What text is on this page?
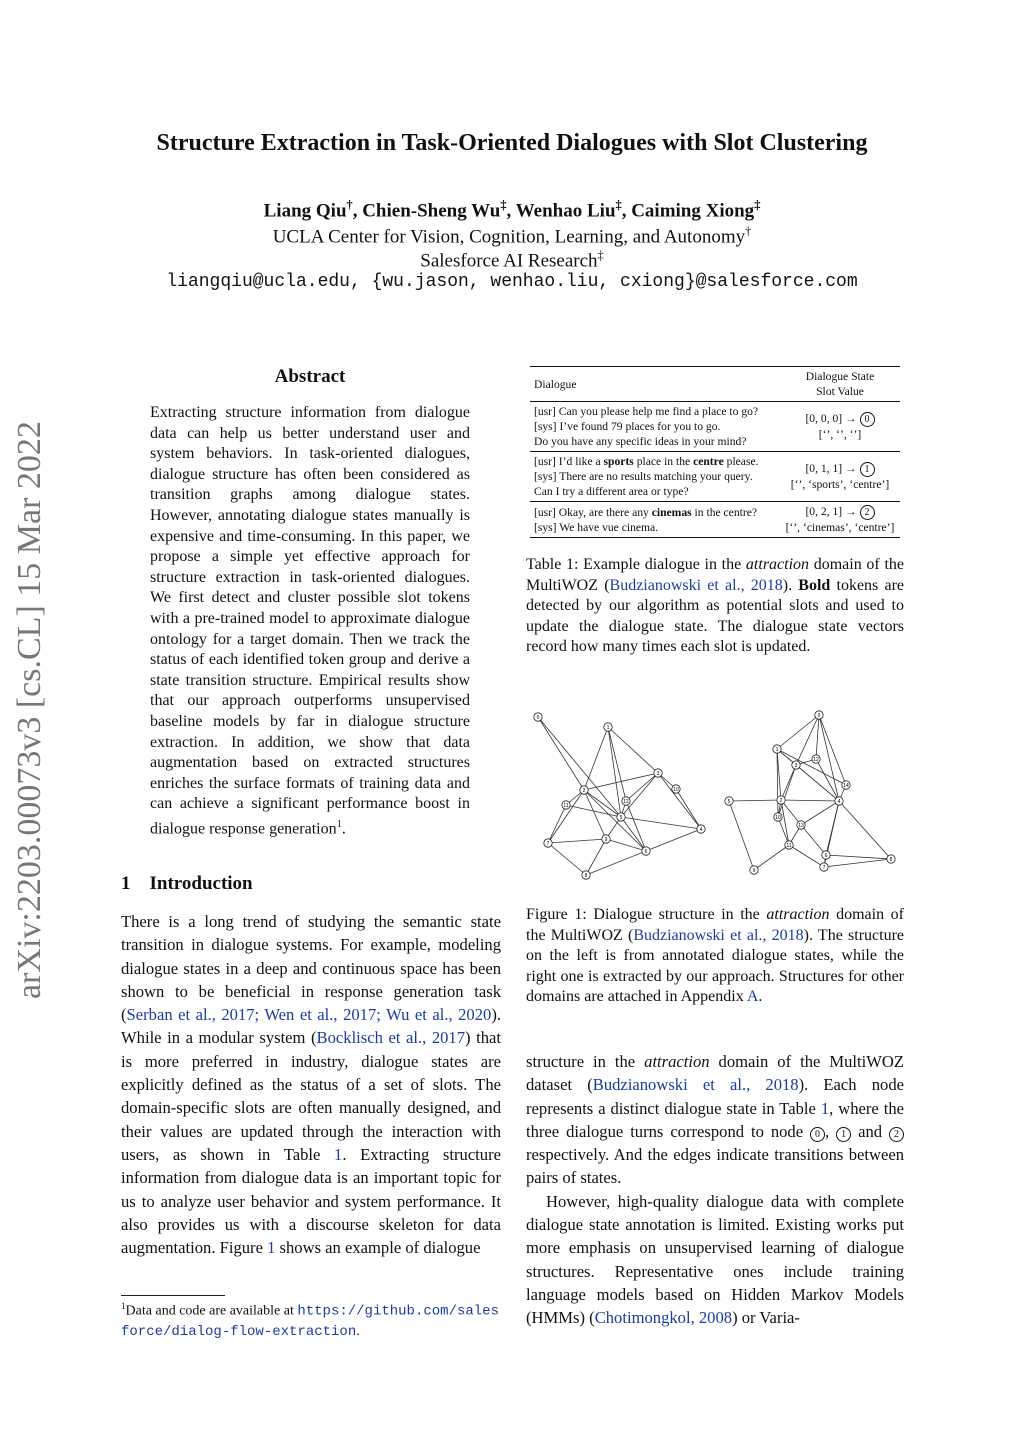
Structure Extraction in Task-Oriented Dialogues with Slot Clustering
Liang Qiu†, Chien-Sheng Wu‡, Wenhao Liu‡, Caiming Xiong‡
UCLA Center for Vision, Cognition, Learning, and Autonomy†
Salesforce AI Research‡
liangqiu@ucla.edu, {wu.jason, wenhao.liu, cxiong}@salesforce.com
arXiv:2203.00073v3 [cs.CL] 15 Mar 2022
Abstract
Extracting structure information from dialogue data can help us better understand user and system behaviors. In task-oriented dialogues, dialogue structure has often been considered as transition graphs among dialogue states. However, annotating dialogue states manually is expensive and time-consuming. In this paper, we propose a simple yet effective approach for structure extraction in task-oriented dialogues. We first detect and cluster possible slot tokens with a pre-trained model to approximate dialogue ontology for a target domain. Then we track the status of each identified token group and derive a state transition structure. Empirical results show that our approach outperforms unsupervised baseline models by far in dialogue structure extraction. In addition, we show that data augmentation based on extracted structures enriches the surface formats of training data and can achieve a significant performance boost in dialogue response generation$^1$.
1 Introduction
There is a long trend of studying the semantic state transition in dialogue systems. For example, modeling dialogue states in a deep and continuous space has been shown to be beneficial in response generation task (Serban et al., 2017; Wen et al., 2017; Wu et al., 2020). While in a modular system (Bocklisch et al., 2017) that is more preferred in industry, dialogue states are explicitly defined as the status of a set of slots. The domain-specific slots are often manually designed, and their values are updated through the interaction with users, as shown in Table 1. Extracting structure information from dialogue data is an important topic for us to analyze user behavior and system performance. It also provides us with a discourse skeleton for data augmentation. Figure 1 shows an example of dialogue
$^1$Data and code are available at https://github.com/salesforce/dialog-flow-extraction.
Dialogue	Dialogue State
Slot Value
[usr] Can you please help me find a place to go?
[sys] I’ve found 79 places for you to go.
Do you have any specific ideas in your mind?	[0, 0, 0] → 0
[‘’, ‘’, ‘’]
[usr] I’d like a sports place in the centre please.
[sys] There are no results matching your query.
Can I try a different area or type?	[0, 1, 1] → 1
[‘’, ‘sports’, ‘centre’]
[usr] Okay, are there any cinemas in the centre?
[sys] We have vue cinema.	[0, 2, 1] → 2
[‘’, ‘cinemas’, ‘centre’]
Table 1: Example dialogue in the attraction domain of the MultiWOZ (Budzianowski et al., 2018). Bold tokens are detected by our algorithm as potential slots and used to update the dialogue state. The dialogue state vectors record how many times each slot is updated.
0
1
2
3
4
5
6
7
8
9
10
11
12
0
1
2
3
4
5
6
7
8
9
10
11
12
13
14
Figure 1: Dialogue structure in the attraction domain of the MultiWOZ (Budzianowski et al., 2018). The structure on the left is from annotated dialogue states, while the right one is extracted by our approach. Structures for other domains are attached in Appendix A.
structure in the attraction domain of the MultiWOZ dataset (Budzianowski et al., 2018). Each node represents a distinct dialogue state in Table 1, where the three dialogue turns correspond to node 0 , 1 and 2 respectively. And the edges indicate transitions between pairs of states.
However, high-quality dialogue data with complete dialogue state annotation is limited. Existing works put more emphasis on unsupervised learning of dialogue structures. Representative ones include training language models based on Hidden Markov Models (HMMs) (Chotimongkol, 2008) or Varia-
